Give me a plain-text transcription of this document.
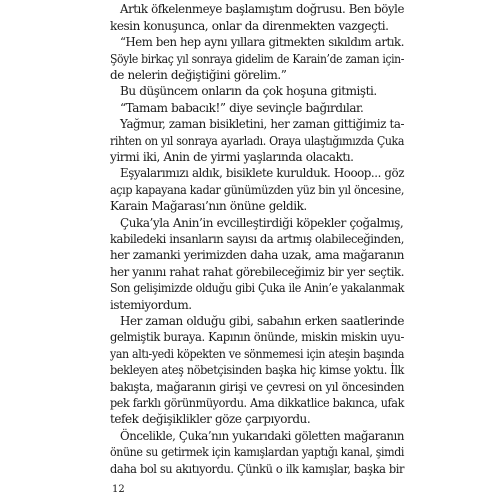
Artık öfkelenmeye başlamıştım doğrusu. Ben böyle
kesin konuşunca, onlar da direnmekten vazgeçti.
“Hem ben hep aynı yıllara gitmekten sıkıldım artık.
Şöyle birkaç yıl sonraya gidelim de Karain’de zaman için-
de nelerin değiştiğini görelim.”
Bu düşüncem onların da çok hoşuna gitmişti.
“Tamam babacık!” diye sevinçle bağırdılar.
Yağmur, zaman bisikletini, her zaman gittiğimiz ta-
rihten on yıl sonraya ayarladı. Oraya ulaştığımızda Çuka
yirmi iki, Anin de yirmi yaşlarında olacaktı.
Eşyalarımızı aldık, bisiklete kurulduk. Hooop... göz
açıp kapayana kadar günümüzden yüz bin yıl öncesine,
Karain Mağarası’nın önüne geldik.
Çuka’yla Anin’in evcilleştirdiği köpekler çoğalmış,
kabiledeki insanların sayısı da artmış olabileceğinden,
her zamanki yerimizden daha uzak, ama mağaranın
her yanını rahat rahat görebileceğimiz bir yer seçtik.
Son gelişimizde olduğu gibi Çuka ile Anin’e yakalanmak
istemiyordum.
Her zaman olduğu gibi, sabahın erken saatlerinde
gelmiştik buraya. Kapının önünde, miskin miskin uyu-
yan altı-yedi köpekten ve sönmemesi için ateşin başında
bekleyen ateş nöbetçisinden başka hiç kimse yoktu. İlk
bakışta, mağaranın girişi ve çevresi on yıl öncesinden
pek farklı görünmüyordu. Ama dikkatlice bakınca, ufak
tefek değişiklikler göze çarpıyordu.
Öncelikle, Çuka’nın yukarıdaki göletten mağaranın
önüne su getirmek için kamışlardan yaptığı kanal, şimdi
daha bol su akıtıyordu. Çünkü o ilk kamışlar, başka bir
12
